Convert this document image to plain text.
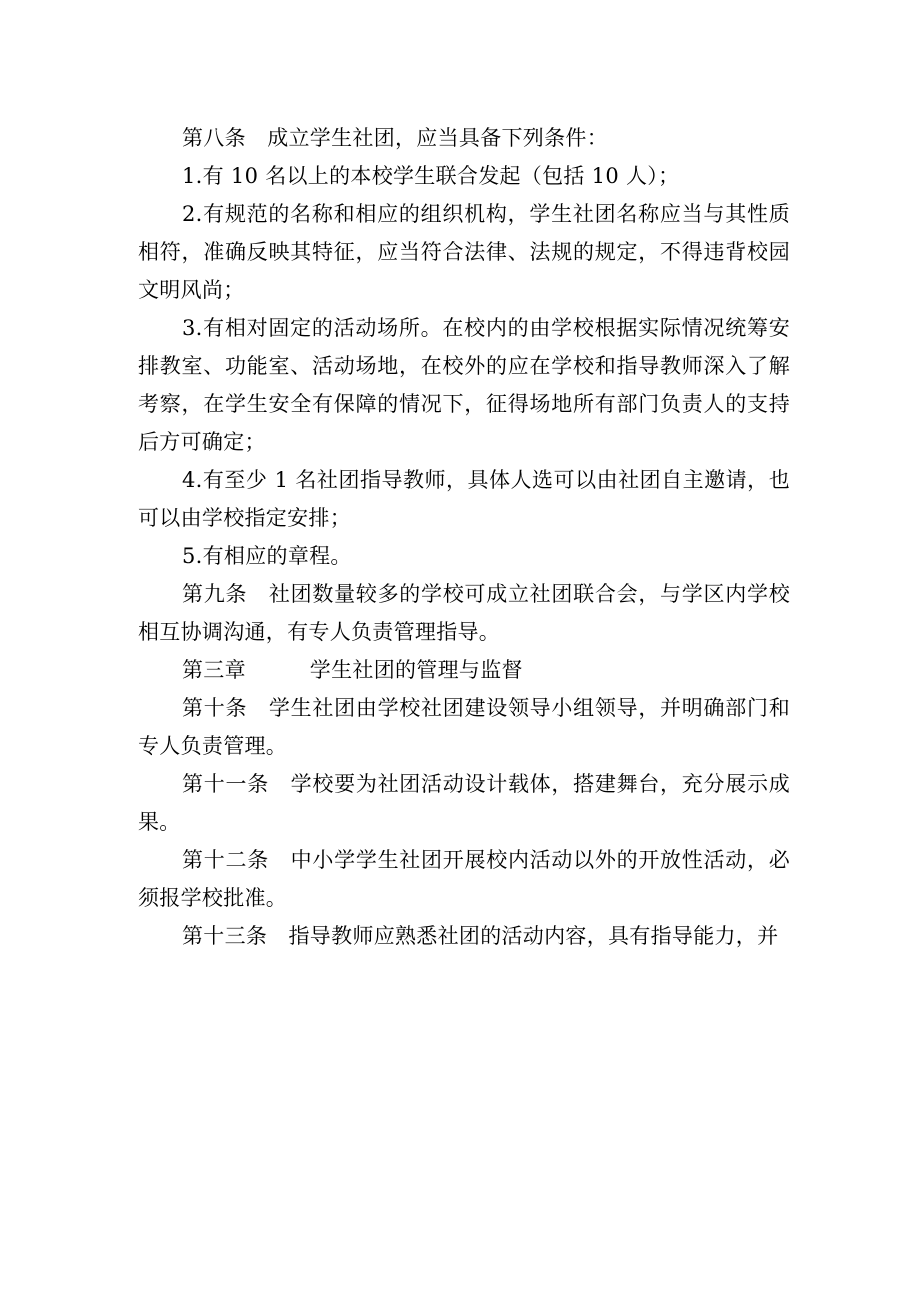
第八条　成立学生社团，应当具备下列条件：

1.有 10 名以上的本校学生联合发起（包括 10 人）；

2.有规范的名称和相应的组织机构，学生社团名称应当与其性质相符，准确反映其特征，应当符合法律、法规的规定，不得违背校园文明风尚；

3.有相对固定的活动场所。在校内的由学校根据实际情况统筹安排教室、功能室、活动场地，在校外的应在学校和指导教师深入了解考察，在学生安全有保障的情况下，征得场地所有部门负责人的支持后方可确定；

4.有至少 1 名社团指导教师，具体人选可以由社团自主邀请，也可以由学校指定安排；

5.有相应的章程。

第九条　社团数量较多的学校可成立社团联合会，与学区内学校相互协调沟通，有专人负责管理指导。

第三章　　　学生社团的管理与监督

第十条　学生社团由学校社团建设领导小组领导，并明确部门和专人负责管理。

第十一条　学校要为社团活动设计载体，搭建舞台，充分展示成果。

第十二条　中小学学生社团开展校内活动以外的开放性活动，必须报学校批准。

第十三条　指导教师应熟悉社团的活动内容，具有指导能力，并
